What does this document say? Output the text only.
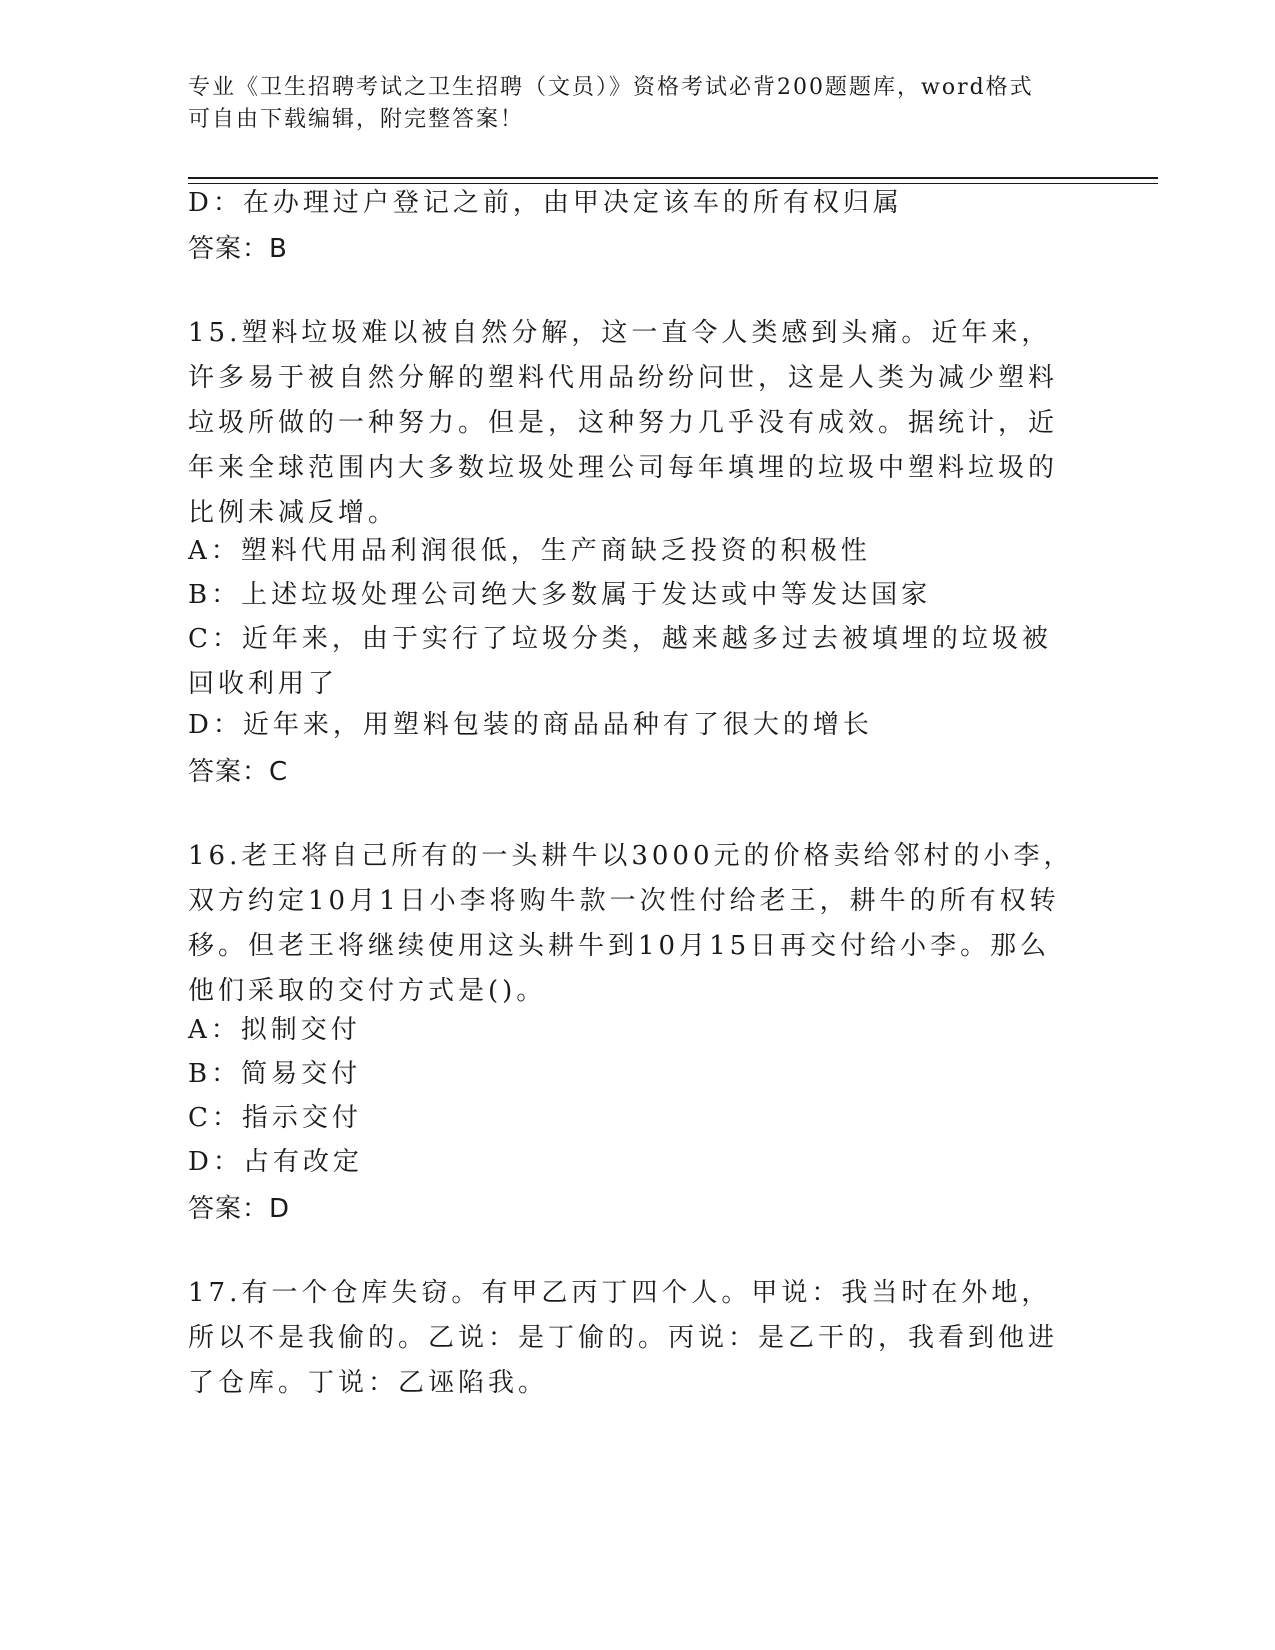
专业《卫生招聘考试之卫生招聘（文员）》资格考试必背200题题库，word格式
可自由下载编辑，附完整答案！

D：在办理过户登记之前，由甲决定该车的所有权归属

答案：B

15.塑料垃圾难以被自然分解，这一直令人类感到头痛。近年来，许多易于被自然分解的塑料代用品纷纷问世，这是人类为减少塑料垃圾所做的一种努力。但是，这种努力几乎没有成效。据统计，近年来全球范围内大多数垃圾处理公司每年填埋的垃圾中塑料垃圾的比例未减反增。

A：塑料代用品利润很低，生产商缺乏投资的积极性

B：上述垃圾处理公司绝大多数属于发达或中等发达国家

C：近年来，由于实行了垃圾分类，越来越多过去被填埋的垃圾被回收利用了

D：近年来，用塑料包装的商品品种有了很大的增长

答案：C

16.老王将自己所有的一头耕牛以3000元的价格卖给邻村的小李，双方约定10月1日小李将购牛款一次性付给老王，耕牛的所有权转移。但老王将继续使用这头耕牛到10月15日再交付给小李。那么他们采取的交付方式是()。

A：拟制交付

B：简易交付

C：指示交付

D：占有改定

答案：D

17.有一个仓库失窃。有甲乙丙丁四个人。甲说：我当时在外地，所以不是我偷的。乙说：是丁偷的。丙说：是乙干的，我看到他进了仓库。丁说：乙诬陷我。
